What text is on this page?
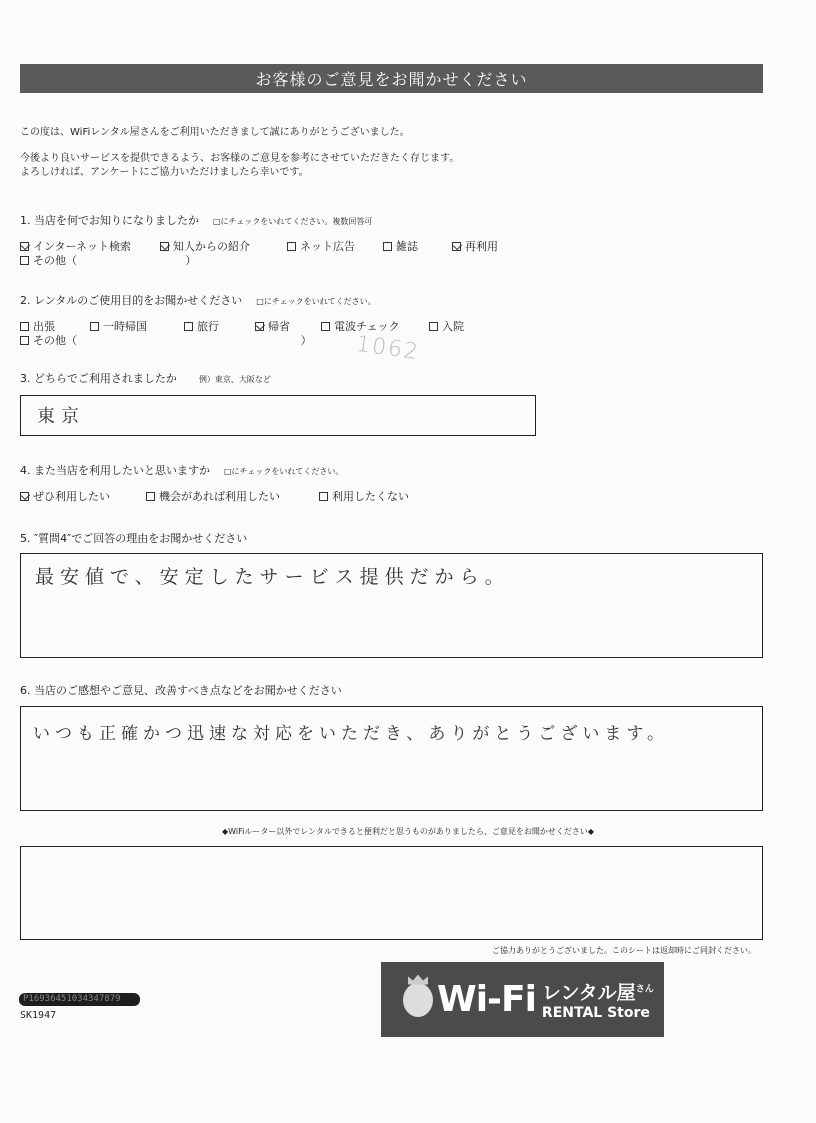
お客様のご意見をお聞かせください
この度は、WiFiレンタル屋さんをご利用いただきまして誠にありがとうございました。
今後より良いサービスを提供できるよう、お客様のご意見を参考にさせていただきたく存じます。
よろしければ、アンケートにご協力いただけましたら幸いです。
1. 当店を何でお知りになりましたか □にチェックをいれてください。複数回答可
インターネット検索	知人からの紹介	ネット広告	雑誌	再利用
その他（                               ）
2. レンタルのご使用目的をお聞かせください □にチェックをいれてください。
出張	一時帰国	旅行	帰省	電波チェック	入院
その他（                                                                ） 1062
3. どちらでご利用されましたか	例）東京、大阪など
東京
4. また当店を利用したいと思いますか □にチェックをいれてください。
ぜひ利用したい	機会があれば利用したい	利用したくない
5. ″質問4″でご回答の理由をお聞かせください
最安値で、安定したサービス提供だから。
6. 当店のご感想やご意見、改善すべき点などをお聞かせください
いつも正確かつ迅速な対応をいただき、ありがとうございます。
◆WiFiルーター以外でレンタルできると便利だと思うものがありましたら、ご意見をお聞かせください◆
ご協力ありがとうございました。このシートは返却時にご同封ください。
P16936451034347879
SK1947	Wi-Fi レンタル屋$^{さん}$
RENTAL Store
